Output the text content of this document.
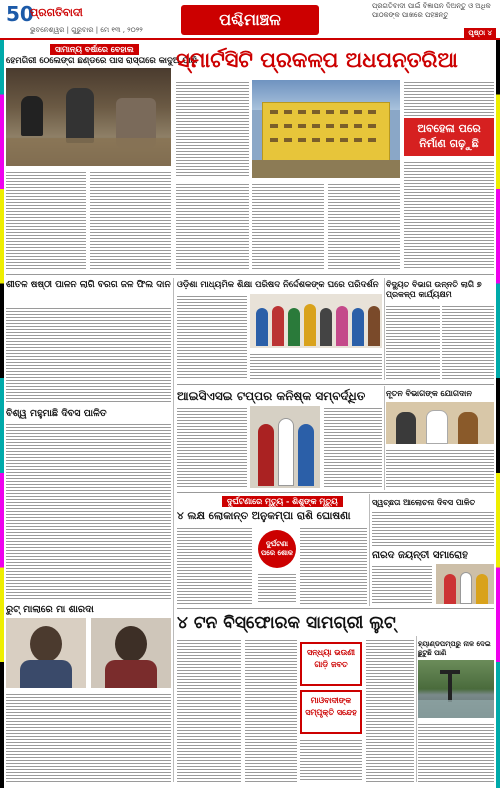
50
ପ୍ରଗତିବାଦୀ
ଭୁବନେଶ୍ୱର | ଗୁରୁବାର | ମେ ୧୩ , ୨୦୨୨
ପଶ୍ଚିମାଞ୍ଚଳ
ପ୍ରଗତିବାଦୀ ପାଇଁ ବିଜ୍ଞାପନ ଦିଅନ୍ତୁ ଓ ଅଧିକ ପାଠକଙ୍କ ପାଖରେ ପହଞ୍ଚନ୍ତୁ
ପୃଷ୍ଠା ୪
ସାମାନ୍ୟ ବର୍ଷାରେ ବେହାଲ
ହେମଗିରୀ ଠେଲେଙ୍ଗ ଛଣ୍ଡରେ ପାସ ରାସ୍ତାରେ କାଦୁଅ ପାଣି
ସ୍ମାର୍ଟସିଟି ପ୍ରକଳ୍ପ ଅଧପନ୍ତରିଆ
ଅବହେଳା ପରେ ନିର୍ମାଣ ଗଢ଼ୁଛି
ଶୀତଳ ଷଷ୍ଠୀ ପାଳନ ଲାଗି ବରଗ ଜଳ ଫିଲ ଦାନ
ବିଶ୍ୱ ମହୁମାଛି ଦିବସ ପାଳିତ
ରୁଟ୍ ମାଲାରେ ମା ଶାରଦା
ଓଡ଼ିଶା ମାଧ୍ୟମିକ ଶିକ୍ଷା ପରିଷଦ ନିର୍ଦ୍ଦେଶକଙ୍କ ଘରେ ପରିଦର୍ଶନ ବିଦ୍ୟୁତ ବିଭାଗ ଉନ୍ନତି ଲାଗି ୭ ପ୍ରକଳ୍ପ କାର୍ଯ୍ୟକ୍ଷମ
ଆଇସିଏସଇ ଟପ୍ପର କନିଷ୍କ ସମ୍ବର୍ଦ୍ଧିତ	ନୂତନ ବିଭାଗଙ୍କ ଯୋଗଦାନ
ଦୁର୍ଘଟଣାରେ ମୃତ୍ୟୁ - ଶିଶୁଙ୍କ ମୃତ୍ୟୁ
୪ ଲକ୍ଷ ଲୋକାନ୍ତ ଅନୁକମ୍ପା ରାଶି ଘୋଷଣା
ଦୁର୍ଘଟଣା ପରେ ଶୋକ
ସ୍ୱଚ୍ଛତା ଆଲୋଚନା ଦିବସ ପାଳିତ
ନାରଦ ଜୟନ୍ତୀ ସମାରୋହ
୪ ଟନ ବିସ୍ଫୋରକ ସାମଗ୍ରୀ ଲୁଟ୍
ସନ୍ଧ୍ୟା ଭଉଣୀ ଗାଡ଼ି ଜବତ
ମାଓବାଦୀଙ୍କ ସମ୍ପୃକ୍ତି ସନ୍ଦେହ
ହ୍ୟାଣ୍ଡପମ୍ପରୁ ନାଳ ଦେଇ ଛୁଟୁଛି ପାଣି
